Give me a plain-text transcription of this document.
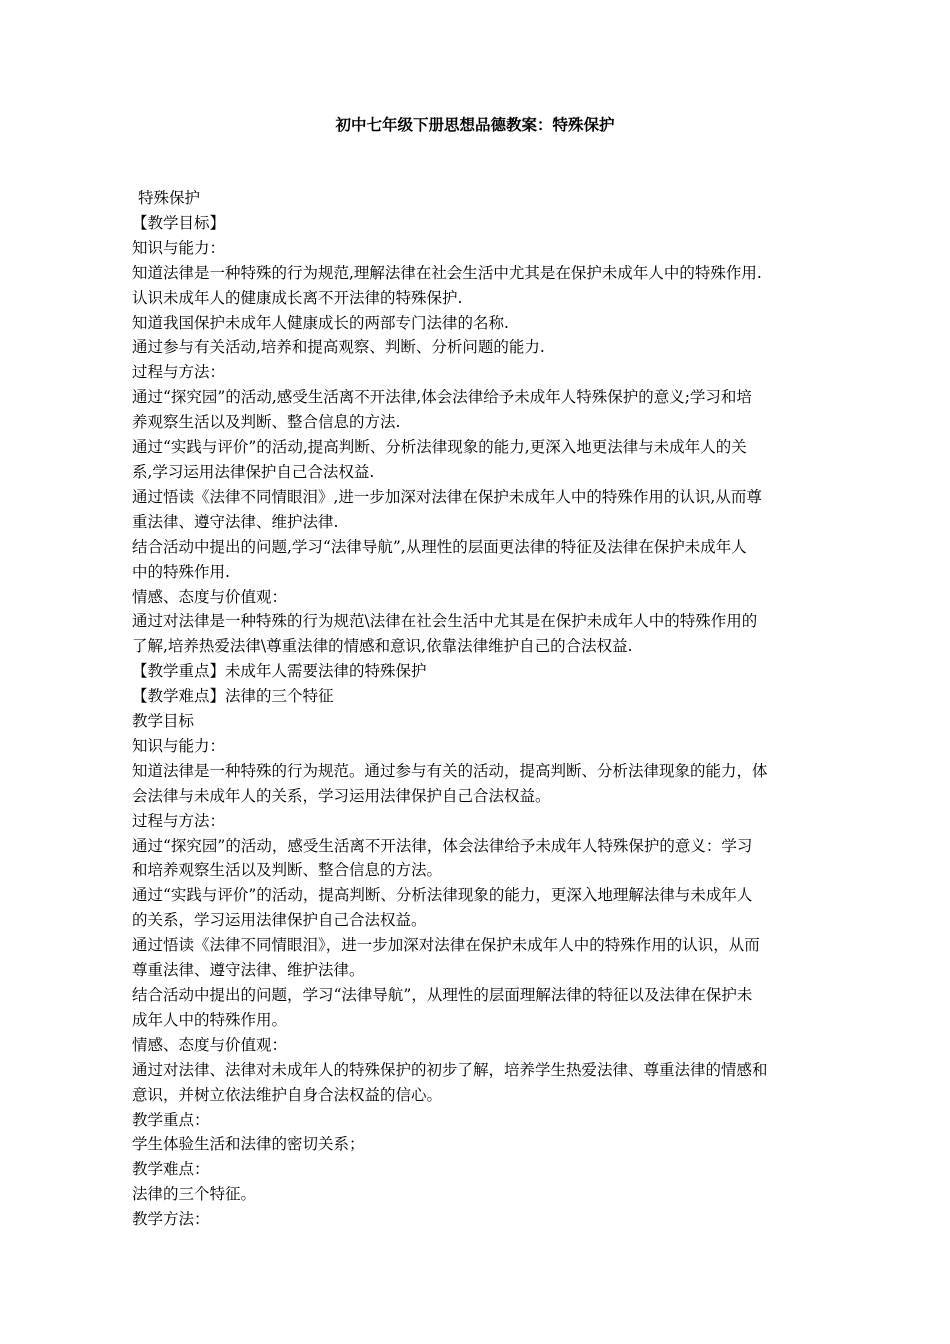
初中七年级下册思想品德教案：特殊保护

特殊保护

【教学目标】

知识与能力：

知道法律是一种特殊的行为规范,理解法律在社会生活中尤其是在保护未成年人中的特殊作用.

认识未成年人的健康成长离不开法律的特殊保护.

知道我国保护未成年人健康成长的两部专门法律的名称.

通过参与有关活动,培养和提高观察、判断、分析问题的能力.

过程与方法：

通过“探究园”的活动,感受生活离不开法律,体会法律给予未成年人特殊保护的意义;学习和培

养观察生活以及判断、整合信息的方法.

通过“实践与评价”的活动,提高判断、分析法律现象的能力,更深入地更法律与未成年人的关

系,学习运用法律保护自己合法权益.

通过悟读《法律不同情眼泪》,进一步加深对法律在保护未成年人中的特殊作用的认识,从而尊

重法律、遵守法律、维护法律.

结合活动中提出的问题,学习“法律导航”,从理性的层面更法律的特征及法律在保护未成年人

中的特殊作用.

情感、态度与价值观：

通过对法律是一种特殊的行为规范\法律在社会生活中尤其是在保护未成年人中的特殊作用的

了解,培养热爱法律\尊重法律的情感和意识,依靠法律维护自己的合法权益.

【教学重点】未成年人需要法律的特殊保护

【教学难点】法律的三个特征

教学目标

知识与能力：

知道法律是一种特殊的行为规范。通过参与有关的活动，提高判断、分析法律现象的能力，体

会法律与未成年人的关系，学习运用法律保护自己合法权益。

过程与方法：

通过“探究园”的活动，感受生活离不开法律，体会法律给予未成年人特殊保护的意义：学习

和培养观察生活以及判断、整合信息的方法。

通过“实践与评价”的活动，提高判断、分析法律现象的能力，更深入地理解法律与未成年人

的关系，学习运用法律保护自己合法权益。

通过悟读《法律不同情眼泪》，进一步加深对法律在保护未成年人中的特殊作用的认识，从而

尊重法律、遵守法律、维护法律。

结合活动中提出的问题，学习“法律导航”，从理性的层面理解法律的特征以及法律在保护未

成年人中的特殊作用。

情感、态度与价值观：

通过对法律、法律对未成年人的特殊保护的初步了解，培养学生热爱法律、尊重法律的情感和

意识，并树立依法维护自身合法权益的信心。

教学重点：

学生体验生活和法律的密切关系；

教学难点：

法律的三个特征。

教学方法：
